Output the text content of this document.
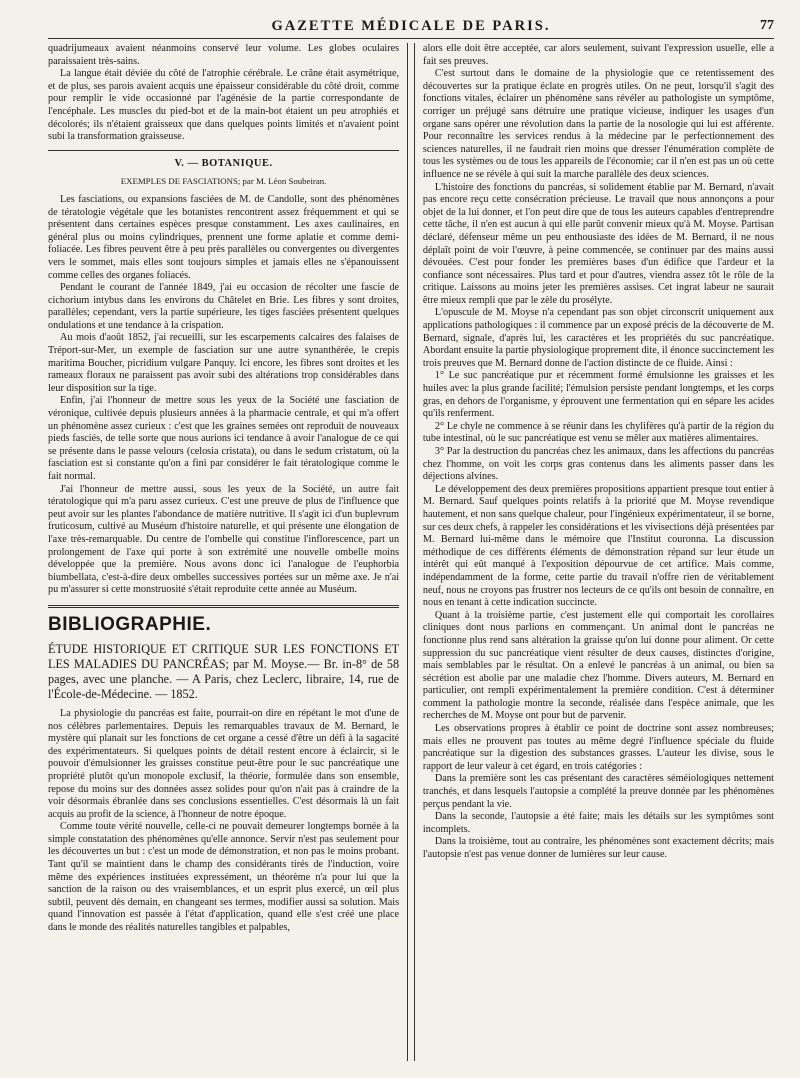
GAZETTE MÉDICALE DE PARIS.	77

quadrijumeaux avaient néanmoins conservé leur volume. Les globes oculaires paraissaient très-sains.

La langue était déviée du côté de l'atrophie cérébrale. Le crâne était asymétrique, et de plus, ses parois avaient acquis une épaisseur considérable du côté droit, comme pour remplir le vide occasionné par l'agénésie de la partie correspondante de l'encéphale. Les muscles du pied-bot et de la main-bot étaient un peu atrophiés et décolorés; ils n'étaient graisseux que dans quelques points limités et n'avaient point subi la transformation graisseuse.

V. — BOTANIQUE.

EXEMPLES DE FASCIATIONS; par M. Léon Soubeiran.

Les fasciations, ou expansions fasciées de M. de Candolle, sont des phénomènes de tératologie végétale que les botanistes rencontrent assez fréquemment et qui se présentent dans certaines espèces presque constamment. Les axes caulinaires, en général plus ou moins cylindriques, prennent une forme aplatie et comme demi-foliacée. Les fibres peuvent être à peu près parallèles ou convergentes ou divergentes vers le sommet, mais elles sont toujours simples et jamais elles ne s'épanouissent comme celles des organes foliacés.

Pendant le courant de l'année 1849, j'ai eu occasion de récolter une fascie de cichorium intybus dans les environs du Châtelet en Brie. Les fibres y sont droites, parallèles; cependant, vers la partie supérieure, les tiges fasciées présentent quelques ondulations et une tendance à la crispation.

Au mois d'août 1852, j'ai recueilli, sur les escarpements calcaires des falaises de Tréport-sur-Mer, un exemple de fasciation sur une autre synanthérée, le crepis maritima Boucher, picridium vulgare Panquy. Ici encore, les fibres sont droites et les rameaux floraux ne paraissent pas avoir subi des altérations trop considérables dans leur disposition sur la tige.

Enfin, j'ai l'honneur de mettre sous les yeux de la Société une fasciation de véronique, cultivée depuis plusieurs années à la pharmacie centrale, et qui m'a offert un phénomène assez curieux : c'est que les graines semées ont reproduit de nouveaux pieds fasciés, de telle sorte que nous aurions ici tendance à avoir l'analogue de ce qui se présente dans le passe velours (celosia cristata), ou dans le sedum cristatum, où la fasciation est si constante qu'on a fini par considérer le fait tératologique comme le fait normal.

J'ai l'honneur de mettre aussi, sous les yeux de la Société, un autre fait tératologique qui m'a paru assez curieux. C'est une preuve de plus de l'influence que peut avoir sur les plantes l'abondance de matière nutritive. Il s'agit ici d'un buplevrum fruticosum, cultivé au Muséum d'histoire naturelle, et qui présente une élongation de l'axe très-remarquable. Du centre de l'ombelle qui constitue l'inflorescence, part un prolongement de l'axe qui porte à son extrémité une nouvelle ombelle moins développée que la première. Nous avons donc ici l'analogue de l'euphorbia biumbellata, c'est-à-dire deux ombelles successives portées sur un même axe. Je n'ai pu m'assurer si cette monstruosité s'était reproduite cette année au Muséum.

BIBLIOGRAPHIE.

ÉTUDE HISTORIQUE ET CRITIQUE SUR LES FONCTIONS ET LES MALADIES DU PANCRÉAS; par M. Moyse.— Br. in-8° de 58 pages, avec une planche. — A Paris, chez Leclerc, libraire, 14, rue de l'École-de-Médecine. — 1852.

La physiologie du pancréas est faite, pourrait-on dire en répétant le mot d'une de nos célèbres parlementaires. Depuis les remarquables travaux de M. Bernard, le mystère qui planait sur les fonctions de cet organe a cessé d'être un défi à la sagacité des expérimentateurs. Si quelques points de détail restent encore à éclaircir, si le pouvoir d'émulsionner les graisses constitue peut-être pour le suc pancréatique une propriété plutôt qu'un monopole exclusif, la théorie, formulée dans son ensemble, repose du moins sur des données assez solides pour qu'on n'ait pas à craindre de la voir désormais ébranlée dans ses conclusions essentielles. C'est désormais là un fait acquis au profit de la science, à l'honneur de notre époque.

Comme toute vérité nouvelle, celle-ci ne pouvait demeurer longtemps bornée à la simple constatation des phénomènes qu'elle annonce. Servir n'est pas seulement pour les découvertes un but : c'est un mode de démonstration, et non pas le moins probant. Tant qu'il se maintient dans le champ des considérants tirés de l'induction, voire même des expériences instituées expressément, un théorème n'a pour lui que la sanction de la raison ou des vraisemblances, et un esprit plus exercé, un œil plus subtil, peuvent dès demain, en changeant ses termes, modifier aussi sa solution. Mais quand l'innovation est passée à l'état d'application, quand elle s'est créé une place dans le monde des réalités naturelles tangibles et palpables,

alors elle doit être acceptée, car alors seulement, suivant l'expression usuelle, elle a fait ses preuves.

C'est surtout dans le domaine de la physiologie que ce retentissement des découvertes sur la pratique éclate en progrès utiles. On ne peut, lorsqu'il s'agit des fonctions vitales, éclairer un phénomène sans révéler au pathologiste un symptôme, corriger un préjugé sans détruire une pratique vicieuse, indiquer les usages d'un organe sans opérer une révolution dans la partie de la nosologie qui lui est afférente. Pour reconnaître les services rendus à la médecine par le perfectionnement des sciences naturelles, il ne faudrait rien moins que dresser l'énumération complète de tous les systèmes ou de tous les appareils de l'économie; car il n'en est pas un où cette influence ne se révèle à qui suit la marche parallèle des deux sciences.

L'histoire des fonctions du pancréas, si solidement établie par M. Bernard, n'avait pas encore reçu cette consécration précieuse. Le travail que nous annonçons a pour objet de la lui donner, et l'on peut dire que de tous les auteurs capables d'entreprendre cette tâche, il n'en est aucun à qui elle parût convenir mieux qu'à M. Moyse. Partisan déclaré, défenseur même un peu enthousiaste des idées de M. Bernard, il ne nous déplaît point de voir l'œuvre, à peine commencée, se continuer par des mains aussi dévouées. C'est pour fonder les premières bases d'un édifice que l'ardeur et la confiance sont nécessaires. Plus tard et pour d'autres, viendra assez tôt le rôle de la critique. Laissons au moins jeter les premières assises. Cet ingrat labeur ne saurait être mieux rempli que par le zèle du prosélyte.

L'opuscule de M. Moyse n'a cependant pas son objet circonscrit uniquement aux applications pathologiques : il commence par un exposé précis de la découverte de M. Bernard, signale, d'après lui, les caractères et les propriétés du suc pancréatique. Abordant ensuite la partie physiologique proprement dite, il énonce succinctement les trois preuves que M. Bernard donne de l'action distincte de ce fluide. Ainsi :

1° Le suc pancréatique pur et récemment formé émulsionne les graisses et les huiles avec la plus grande facilité; l'émulsion persiste pendant longtemps, et les corps gras, en dehors de l'organisme, y éprouvent une fermentation qui en sépare les acides qu'ils renferment.

2° Le chyle ne commence à se réunir dans les chylifères qu'à partir de la région du tube intestinal, où le suc pancréatique est venu se mêler aux matières alimentaires.

3° Par la destruction du pancréas chez les animaux, dans les affections du pancréas chez l'homme, on voit les corps gras contenus dans les aliments passer dans les déjections alvines.

Le développement des deux premières propositions appartient presque tout entier à M. Bernard. Sauf quelques points relatifs à la priorité que M. Moyse revendique hautement, et non sans quelque chaleur, pour l'ingénieux expérimentateur, il se borne, sur ces deux chefs, à rappeler les considérations et les vivisections déjà présentées par M. Bernard lui-même dans le mémoire que l'Institut couronna. La discussion méthodique de ces différents éléments de démonstration répand sur leur étude un intérêt qui eût manqué à l'exposition dépourvue de cet artifice. Mais comme, indépendamment de la forme, cette partie du travail n'offre rien de véritablement neuf, nous ne croyons pas frustrer nos lecteurs de ce qu'ils ont besoin de connaître, en nous en tenant à cette indication succincte.

Quant à la troisième partie, c'est justement elle qui comportait les corollaires cliniques dont nous parlions en commençant. Un animal dont le pancréas ne fonctionne plus rend sans altération la graisse qu'on lui donne pour aliment. Or cette suppression du suc pancréatique vient résulter de deux causes, distinctes d'origine, mais semblables par le résultat. On a enlevé le pancréas à un animal, ou bien sa sécrétion est abolie par une maladie chez l'homme. Divers auteurs, M. Bernard en particulier, ont rempli expérimentalement la première condition. C'est à déterminer comment la pathologie montre la seconde, réalisée dans l'espèce animale, que les recherches de M. Moyse ont pour but de parvenir.

Les observations propres à établir ce point de doctrine sont assez nombreuses; mais elles ne prouvent pas toutes au même degré l'influence spéciale du fluide pancréatique sur la digestion des substances grasses. L'auteur les divise, sous le rapport de leur valeur à cet égard, en trois catégories :

Dans la première sont les cas présentant des caractères séméiologiques nettement tranchés, et dans lesquels l'autopsie a complété la preuve donnée par les phénomènes perçus pendant la vie.

Dans la seconde, l'autopsie a été faite; mais les détails sur les symptômes sont incomplets.

Dans la troisième, tout au contraire, les phénomènes sont exactement décrits; mais l'autopsie n'est pas venue donner de lumières sur leur cause.
